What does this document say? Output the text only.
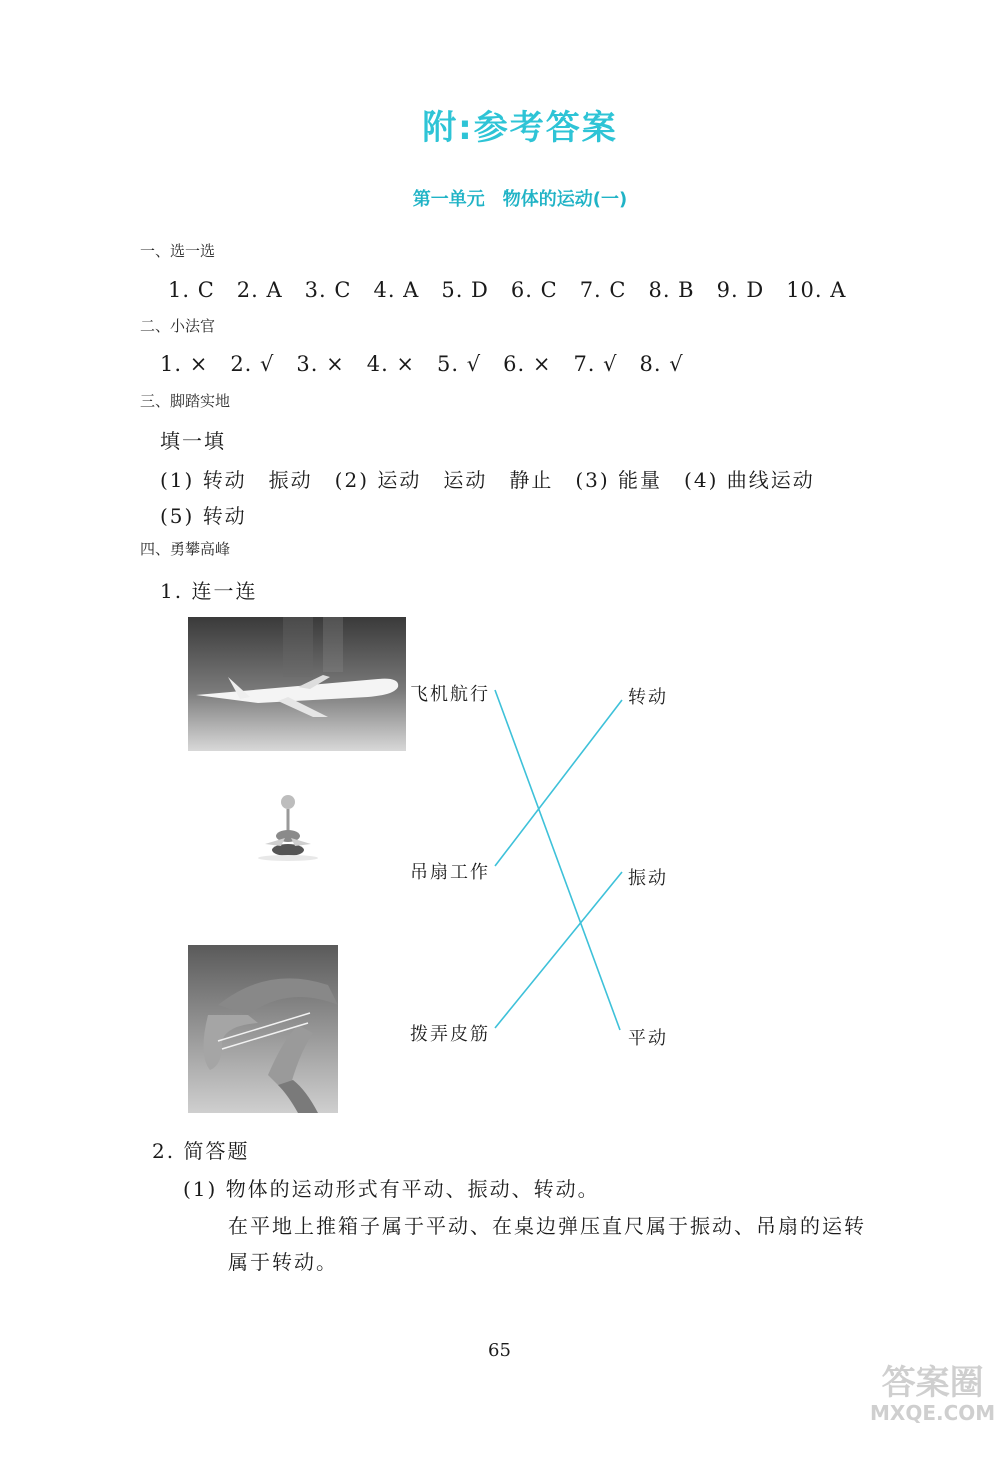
附:参考答案
第一单元　物体的运动(一)
一、选一选
1. C 2. A 3. C 4. A 5. D 6. C 7. C 8. B 9. D 10. A
二、小法官
1. × 2. √ 3. × 4. × 5. √ 6. × 7. √ 8. √
三、脚踏实地
填一填
(1) 转动　振动　(2) 运动　运动　静止　(3) 能量　(4) 曲线运动
(5) 转动
四、勇攀高峰
1. 连一连
飞机航行
吊扇工作
拨弄皮筋
转动
振动
平动
2. 简答题
(1) 物体的运动形式有平动、振动、转动。
在平地上推箱子属于平动、在桌边弹压直尺属于振动、吊扇的运转
属于转动。
65
答案圈
MXQE.COM
